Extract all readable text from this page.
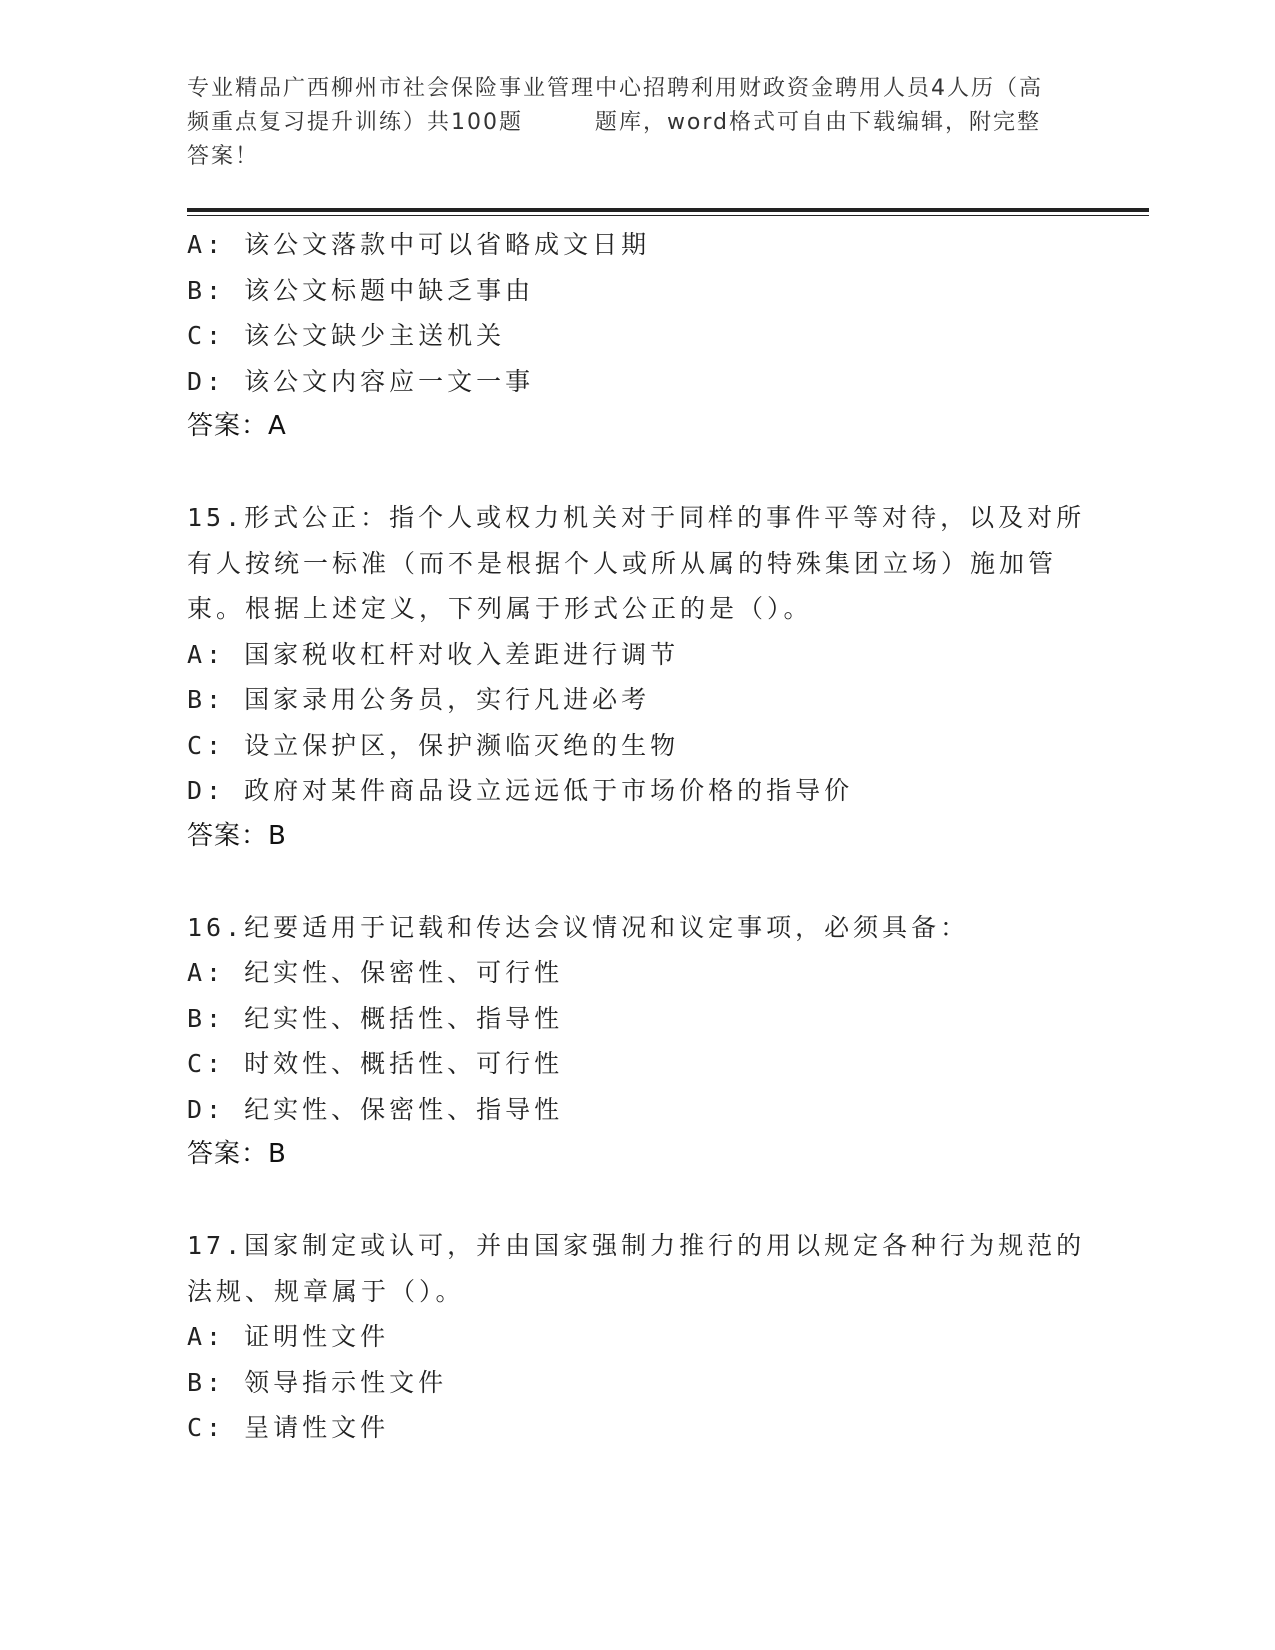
专业精品广西柳州市社会保险事业管理中心招聘利用财政资金聘用人员4人历（高
频重点复习提升训练）共100题        题库，word格式可自由下载编辑，附完整
答案！
A: 该公文落款中可以省略成文日期
B: 该公文标题中缺乏事由
C: 该公文缺少主送机关
D: 该公文内容应一文一事
答案：A
15.形式公正：指个人或权力机关对于同样的事件平等对待，以及对所
有人按统一标准（而不是根据个人或所从属的特殊集团立场）施加管
束。根据上述定义，下列属于形式公正的是（）。
A: 国家税收杠杆对收入差距进行调节
B: 国家录用公务员，实行凡进必考
C: 设立保护区，保护濒临灭绝的生物
D: 政府对某件商品设立远远低于市场价格的指导价
答案：B
16.纪要适用于记载和传达会议情况和议定事项，必须具备：
A: 纪实性、保密性、可行性
B: 纪实性、概括性、指导性
C: 时效性、概括性、可行性
D: 纪实性、保密性、指导性
答案：B
17.国家制定或认可，并由国家强制力推行的用以规定各种行为规范的
法规、规章属于（）。
A: 证明性文件
B: 领导指示性文件
C: 呈请性文件
